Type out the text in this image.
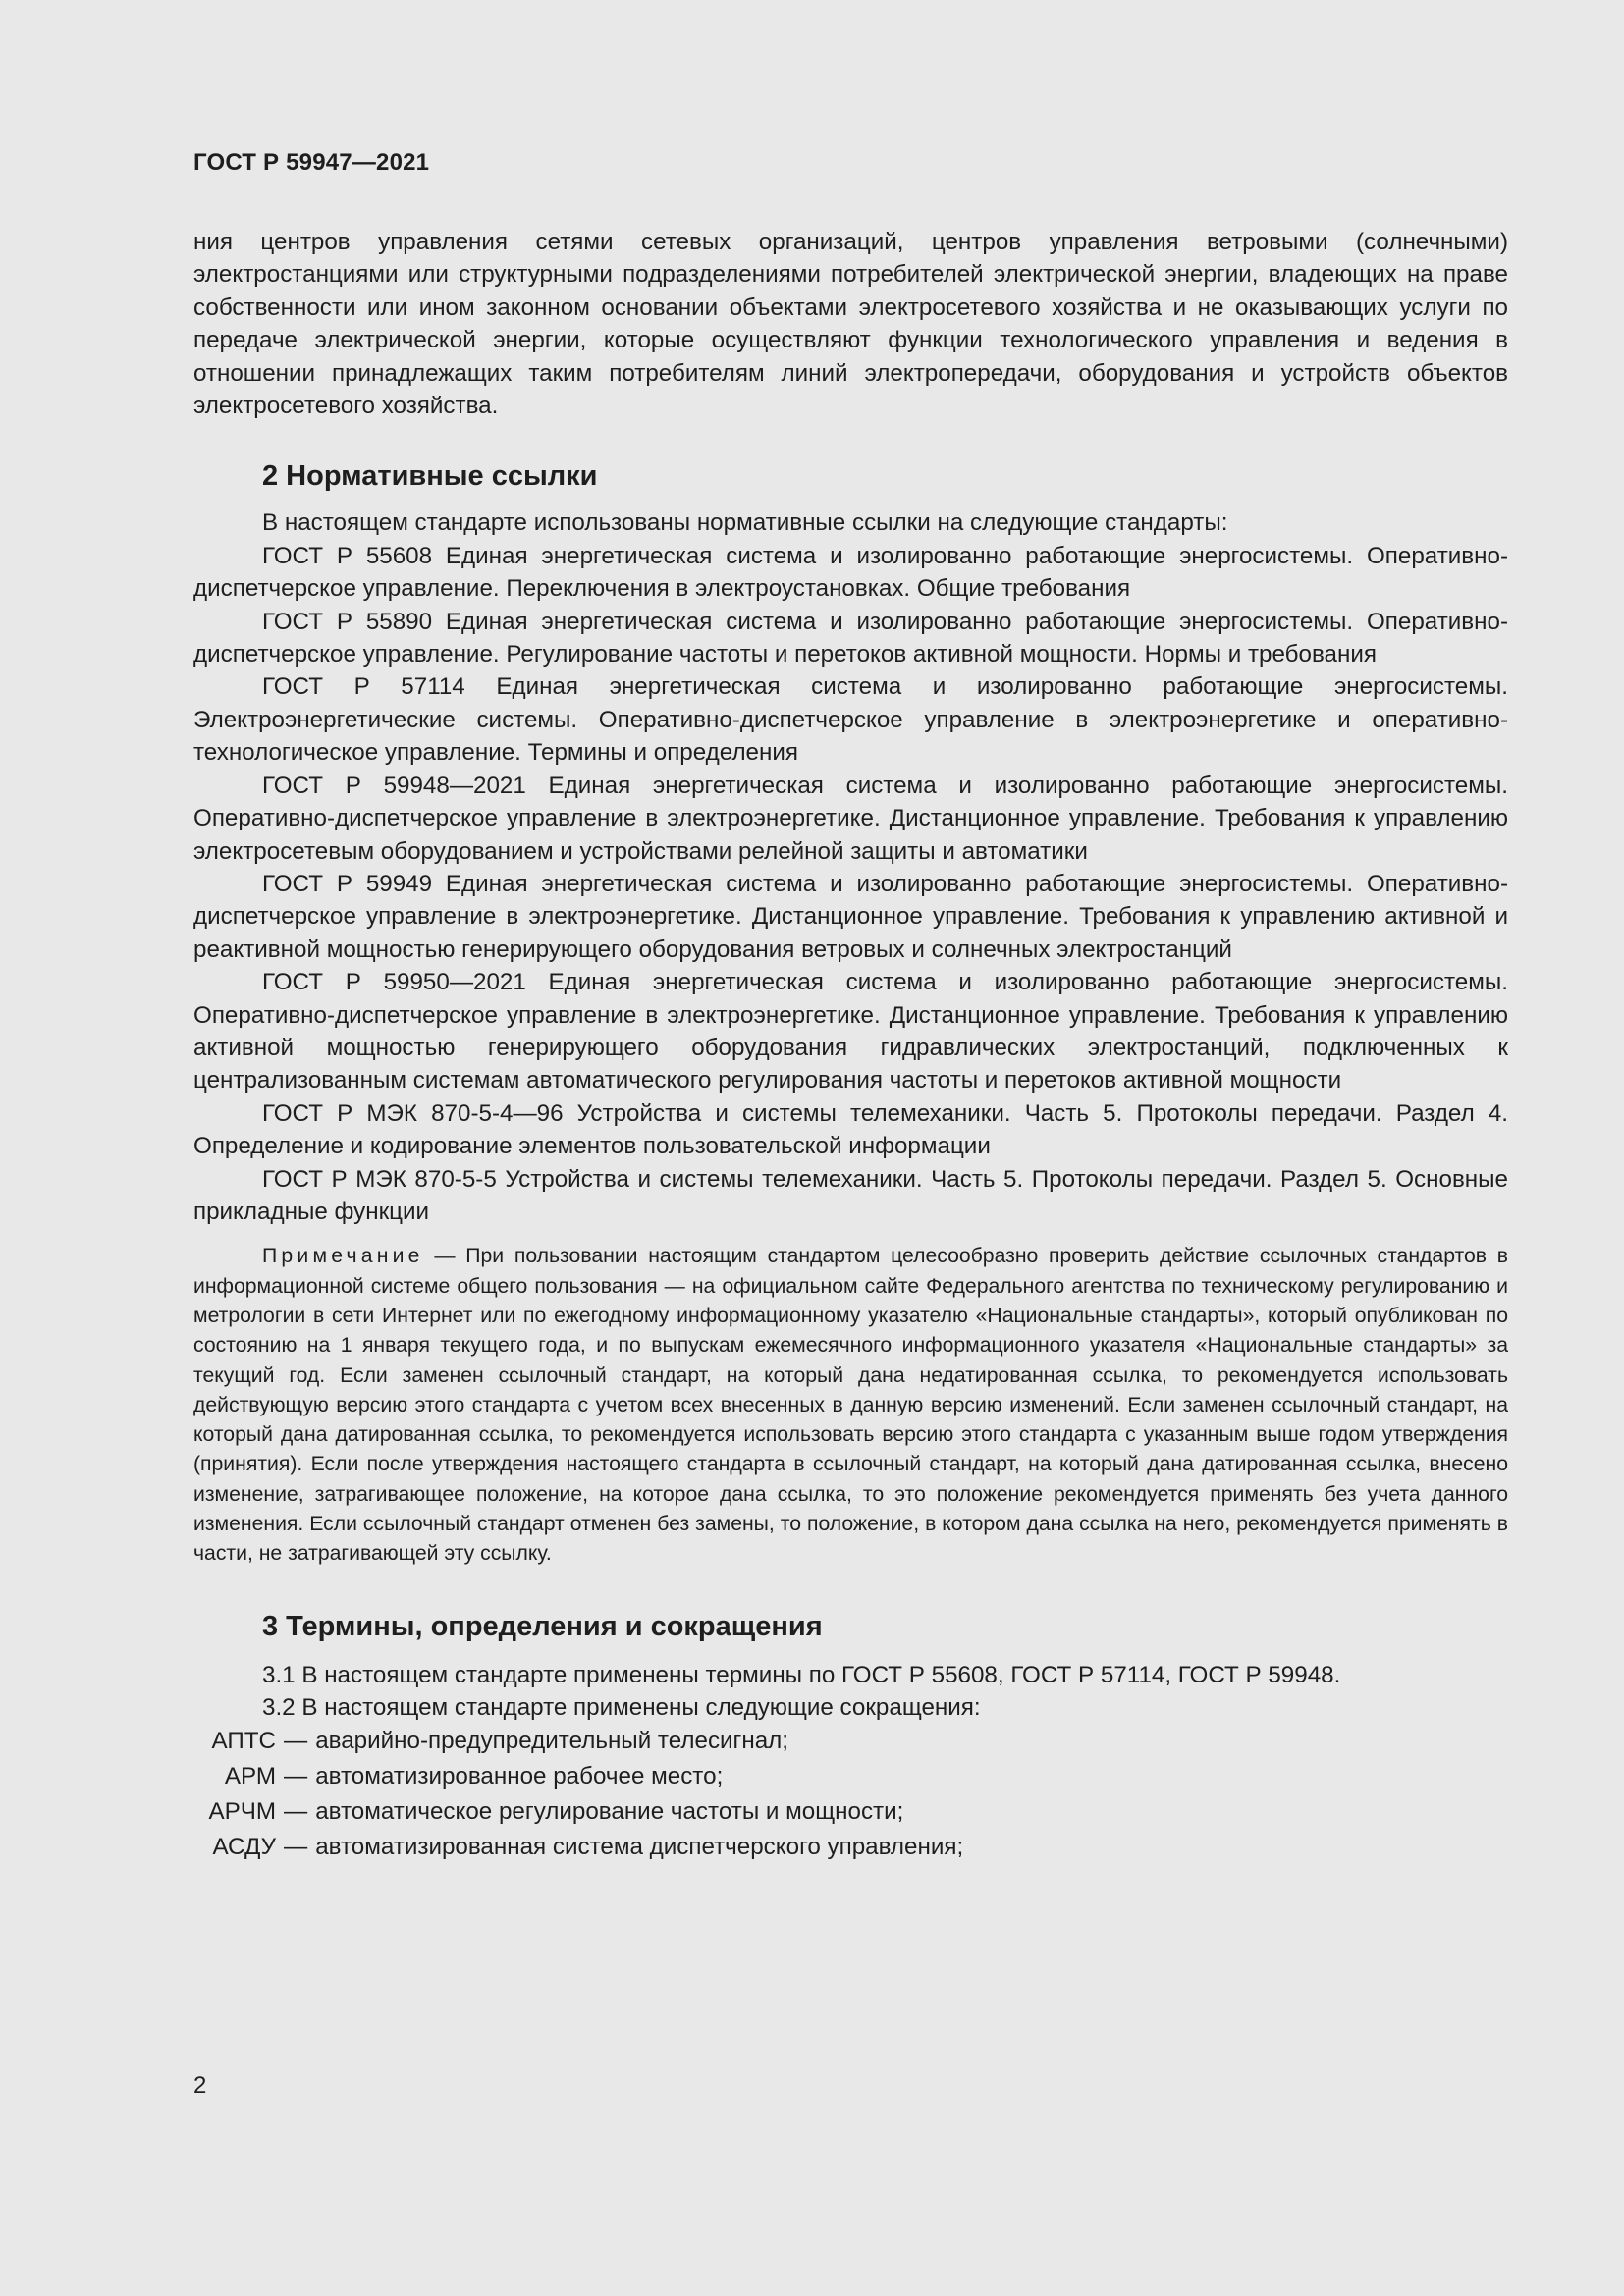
ГОСТ Р 59947—2021

ния центров управления сетями сетевых организаций, центров управления ветровыми (солнечными) электростанциями или структурными подразделениями потребителей электрической энергии, владеющих на праве собственности или ином законном основании объектами электросетевого хозяйства и не оказывающих услуги по передаче электрической энергии, которые осуществляют функции технологического управления и ведения в отношении принадлежащих таким потребителям линий электропередачи, оборудования и устройств объектов электросетевого хозяйства.

2 Нормативные ссылки

В настоящем стандарте использованы нормативные ссылки на следующие стандарты:

ГОСТ Р 55608 Единая энергетическая система и изолированно работающие энергосистемы. Оперативно-диспетчерское управление. Переключения в электроустановках. Общие требования

ГОСТ Р 55890 Единая энергетическая система и изолированно работающие энергосистемы. Оперативно-диспетчерское управление. Регулирование частоты и перетоков активной мощности. Нормы и требования

ГОСТ Р 57114 Единая энергетическая система и изолированно работающие энергосистемы. Электроэнергетические системы. Оперативно-диспетчерское управление в электроэнергетике и оперативно-технологическое управление. Термины и определения

ГОСТ Р 59948—2021 Единая энергетическая система и изолированно работающие энергосистемы. Оперативно-диспетчерское управление в электроэнергетике. Дистанционное управление. Требования к управлению электросетевым оборудованием и устройствами релейной защиты и автоматики

ГОСТ Р 59949 Единая энергетическая система и изолированно работающие энергосистемы. Оперативно-диспетчерское управление в электроэнергетике. Дистанционное управление. Требования к управлению активной и реактивной мощностью генерирующего оборудования ветровых и солнечных электростанций

ГОСТ Р 59950—2021 Единая энергетическая система и изолированно работающие энергосистемы. Оперативно-диспетчерское управление в электроэнергетике. Дистанционное управление. Требования к управлению активной мощностью генерирующего оборудования гидравлических электростанций, подключенных к централизованным системам автоматического регулирования частоты и перетоков активной мощности

ГОСТ Р МЭК 870-5-4—96 Устройства и системы телемеханики. Часть 5. Протоколы передачи. Раздел 4. Определение и кодирование элементов пользовательской информации

ГОСТ Р МЭК 870-5-5 Устройства и системы телемеханики. Часть 5. Протоколы передачи. Раздел 5. Основные прикладные функции

Примечание — При пользовании настоящим стандартом целесообразно проверить действие ссылочных стандартов в информационной системе общего пользования — на официальном сайте Федерального агентства по техническому регулированию и метрологии в сети Интернет или по ежегодному информационному указателю «Национальные стандарты», который опубликован по состоянию на 1 января текущего года, и по выпускам ежемесячного информационного указателя «Национальные стандарты» за текущий год. Если заменен ссылочный стандарт, на который дана недатированная ссылка, то рекомендуется использовать действующую версию этого стандарта с учетом всех внесенных в данную версию изменений. Если заменен ссылочный стандарт, на который дана датированная ссылка, то рекомендуется использовать версию этого стандарта с указанным выше годом утверждения (принятия). Если после утверждения настоящего стандарта в ссылочный стандарт, на который дана датированная ссылка, внесено изменение, затрагивающее положение, на которое дана ссылка, то это положение рекомендуется применять без учета данного изменения. Если ссылочный стандарт отменен без замены, то положение, в котором дана ссылка на него, рекомендуется применять в части, не затрагивающей эту ссылку.

3 Термины, определения и сокращения

3.1 В настоящем стандарте применены термины по ГОСТ Р 55608, ГОСТ Р 57114, ГОСТ Р 59948.

3.2 В настоящем стандарте применены следующие сокращения:

АПТС — аварийно-предупредительный телесигнал;
АРМ — автоматизированное рабочее место;
АРЧМ — автоматическое регулирование частоты и мощности;
АСДУ — автоматизированная система диспетчерского управления;
2
